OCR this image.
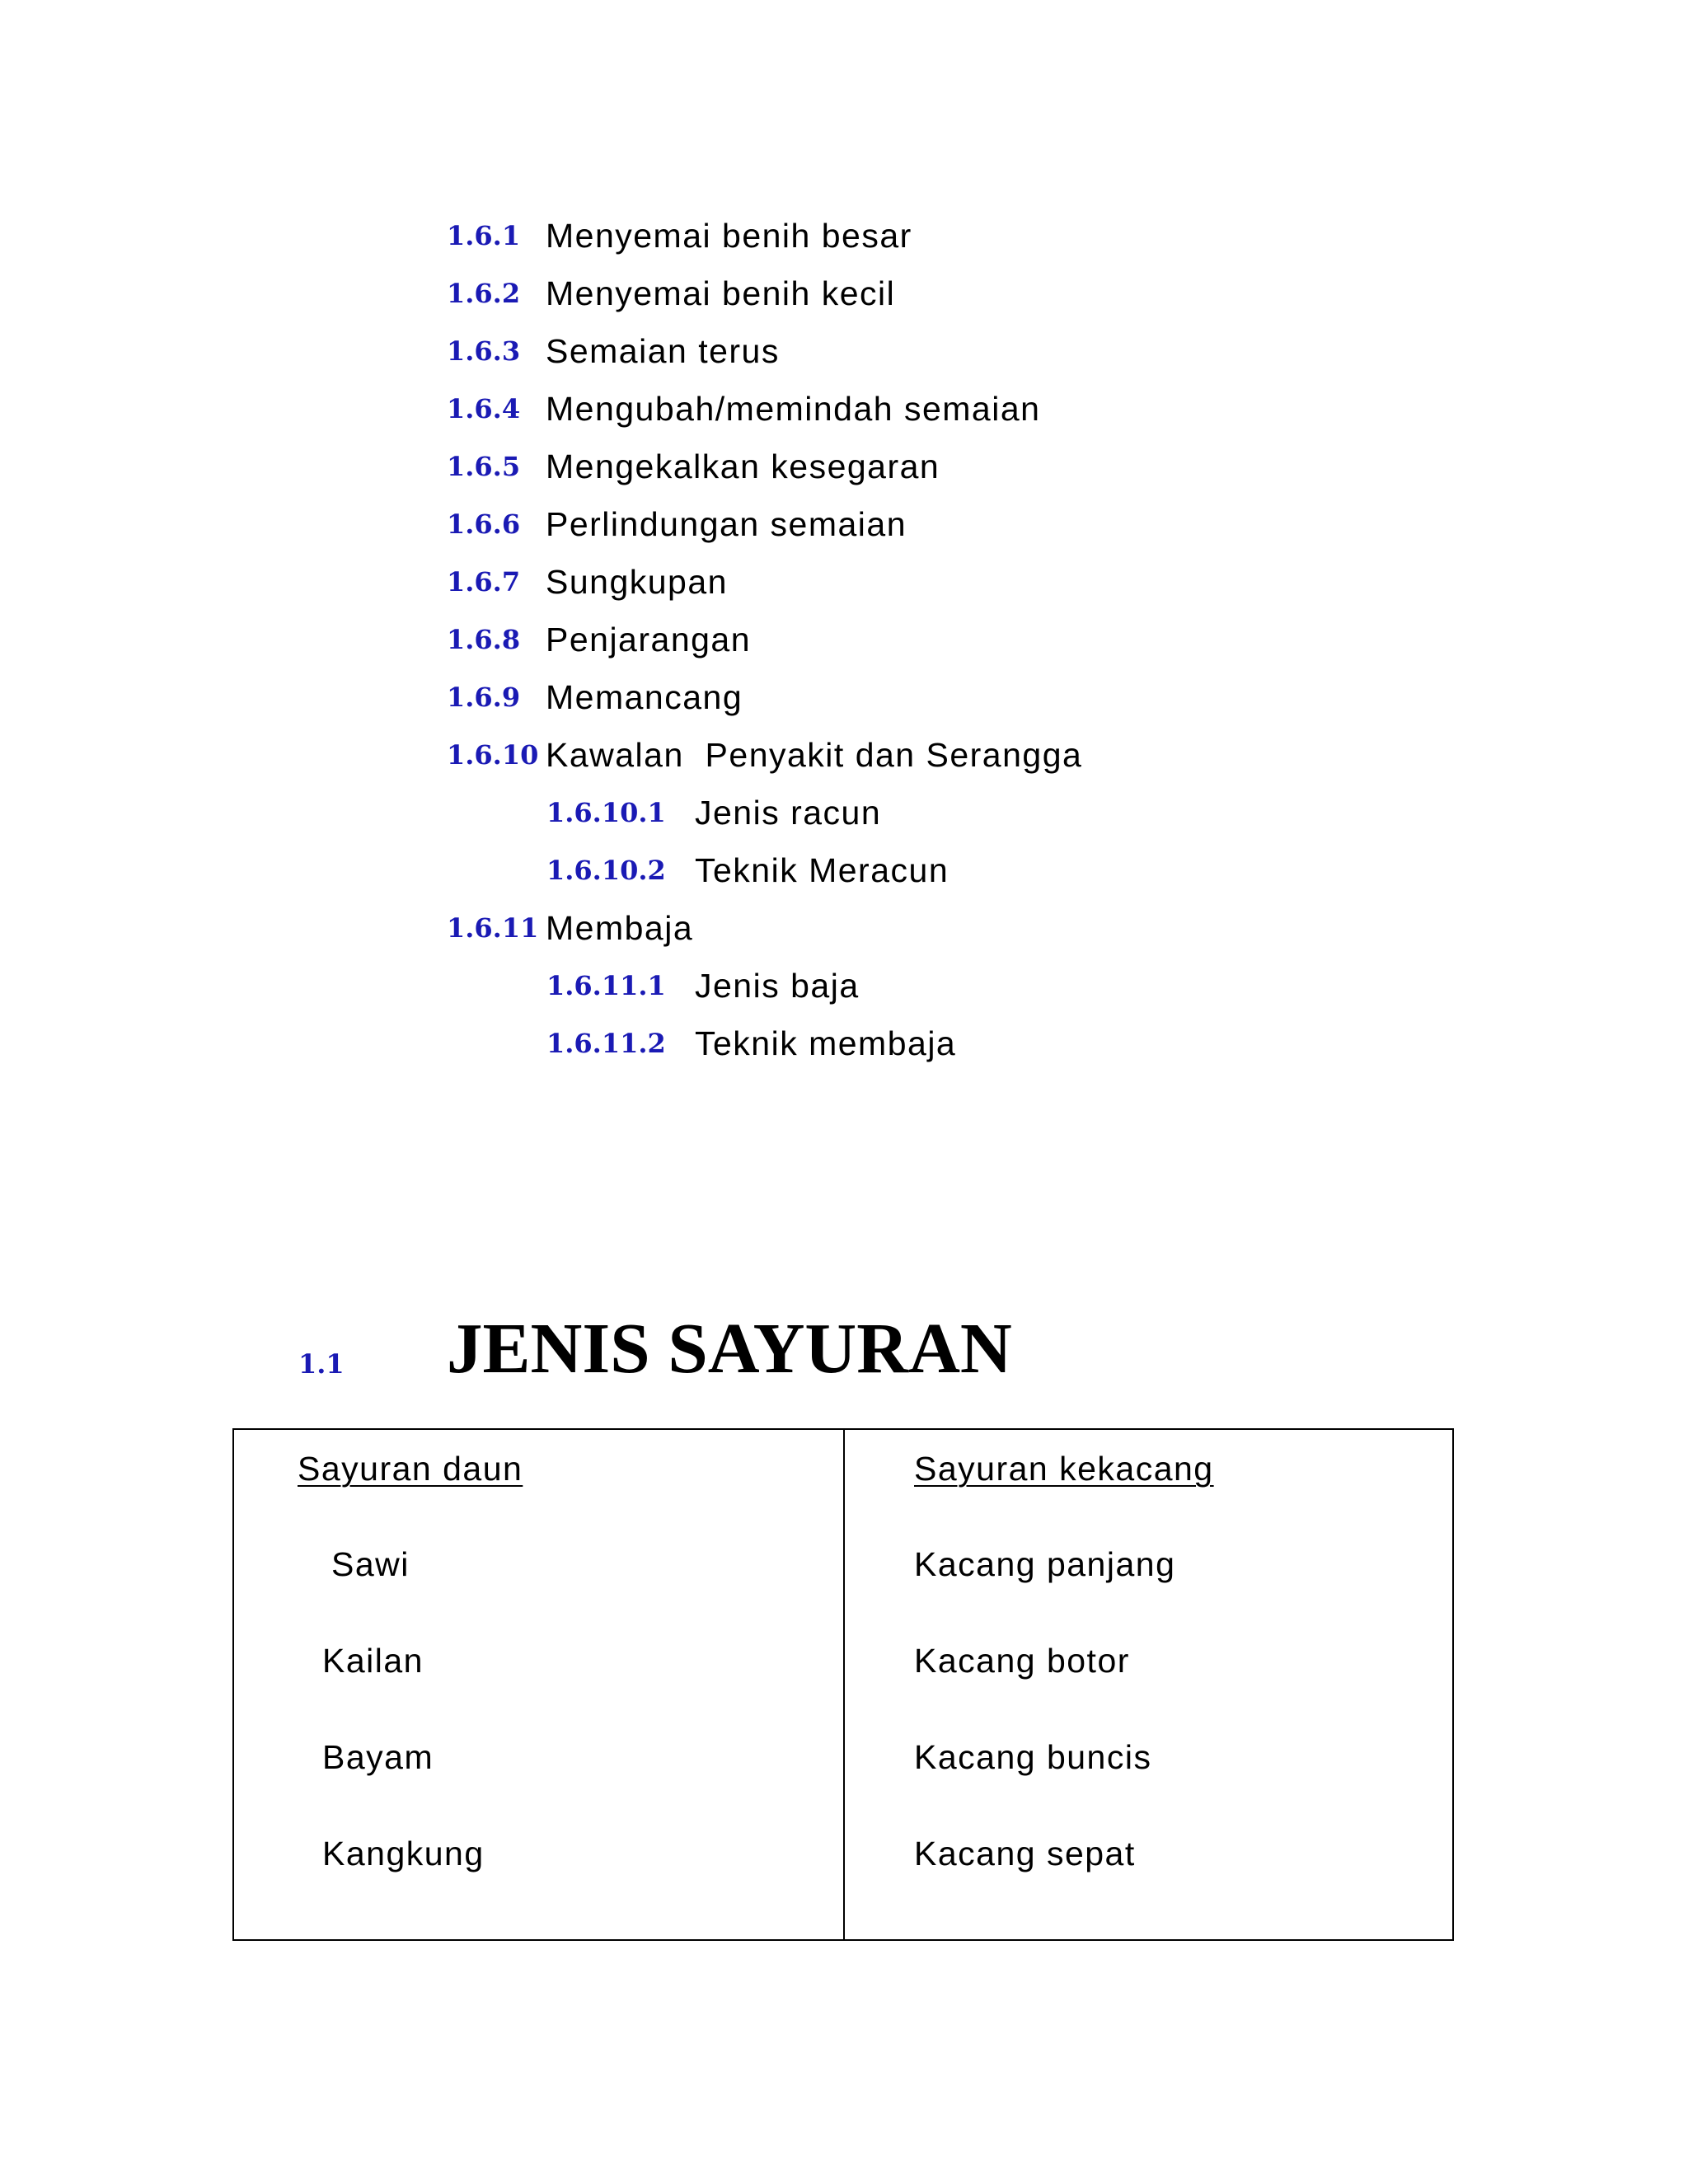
1.6.1 Menyemai benih besar
1.6.2 Menyemai benih kecil
1.6.3 Semaian terus
1.6.4 Mengubah/memindah semaian
1.6.5 Mengekalkan kesegaran
1.6.6 Perlindungan semaian
1.6.7 Sungkupan
1.6.8 Penjarangan
1.6.9 Memancang
1.6.10 Kawalan  Penyakit dan Serangga
1.6.10.1 Jenis racun
1.6.10.2 Teknik Meracun
1.6.11 Membaja
1.6.11.1 Jenis baja
1.6.11.2 Teknik membaja
1.1 JENIS SAYURAN
Sayuran daun
Sawi
Kailan
Bayam
Kangkung
Sayuran kekacang
Kacang panjang
Kacang botor
Kacang buncis
Kacang sepat
